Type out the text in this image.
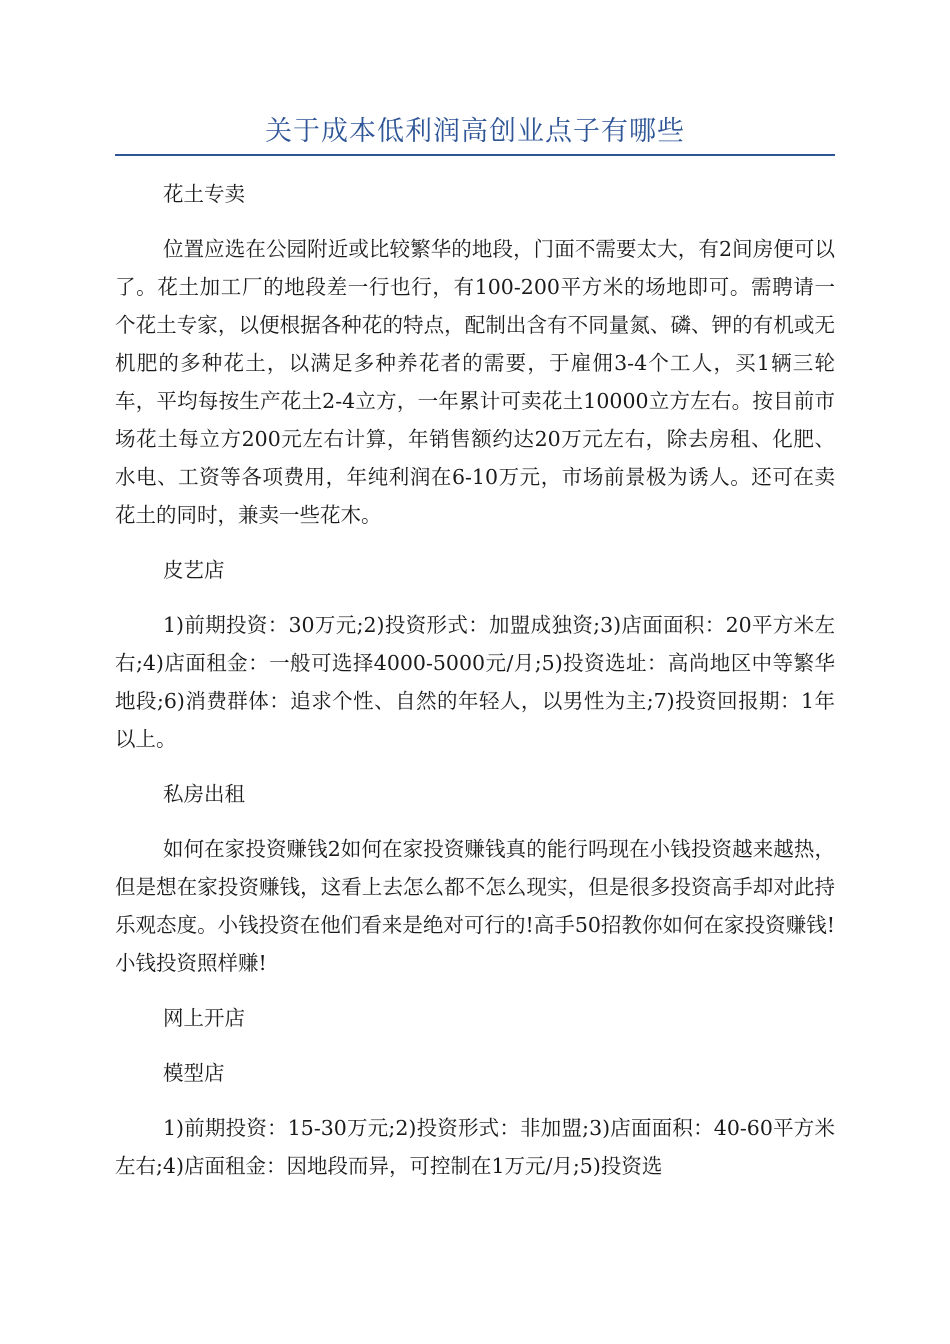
关于成本低利润高创业点子有哪些

花土专卖

位置应选在公园附近或比较繁华的地段，门面不需要太大，有2间房便可以了。花土加工厂的地段差一行也行，有100-200平方米的场地即可。需聘请一个花土专家，以便根据各种花的特点，配制出含有不同量氮、磷、钾的有机或无机肥的多种花土，以满足多种养花者的需要，于雇佣3-4个工人，买1辆三轮车，平均每按生产花土2-4立方，一年累计可卖花土10000立方左右。按目前市场花土每立方200元左右计算，年销售额约达20万元左右，除去房租、化肥、水电、工资等各项费用，年纯利润在6-10万元，市场前景极为诱人。还可在卖花土的同时，兼卖一些花木。

皮艺店

1)前期投资：30万元;2)投资形式：加盟成独资;3)店面面积：20平方米左右;4)店面租金：一般可选择4000-5000元/月;5)投资选址：高尚地区中等繁华地段;6)消费群体：追求个性、自然的年轻人，以男性为主;7)投资回报期：1年以上。

私房出租

如何在家投资赚钱2如何在家投资赚钱真的能行吗现在小钱投资越来越热，但是想在家投资赚钱，这看上去怎么都不怎么现实，但是很多投资高手却对此持乐观态度。小钱投资在他们看来是绝对可行的!高手50招教你如何在家投资赚钱!小钱投资照样赚!

网上开店

模型店

1)前期投资：15-30万元;2)投资形式：非加盟;3)店面面积：40-60平方米左右;4)店面租金：因地段而异，可控制在1万元/月;5)投资选
